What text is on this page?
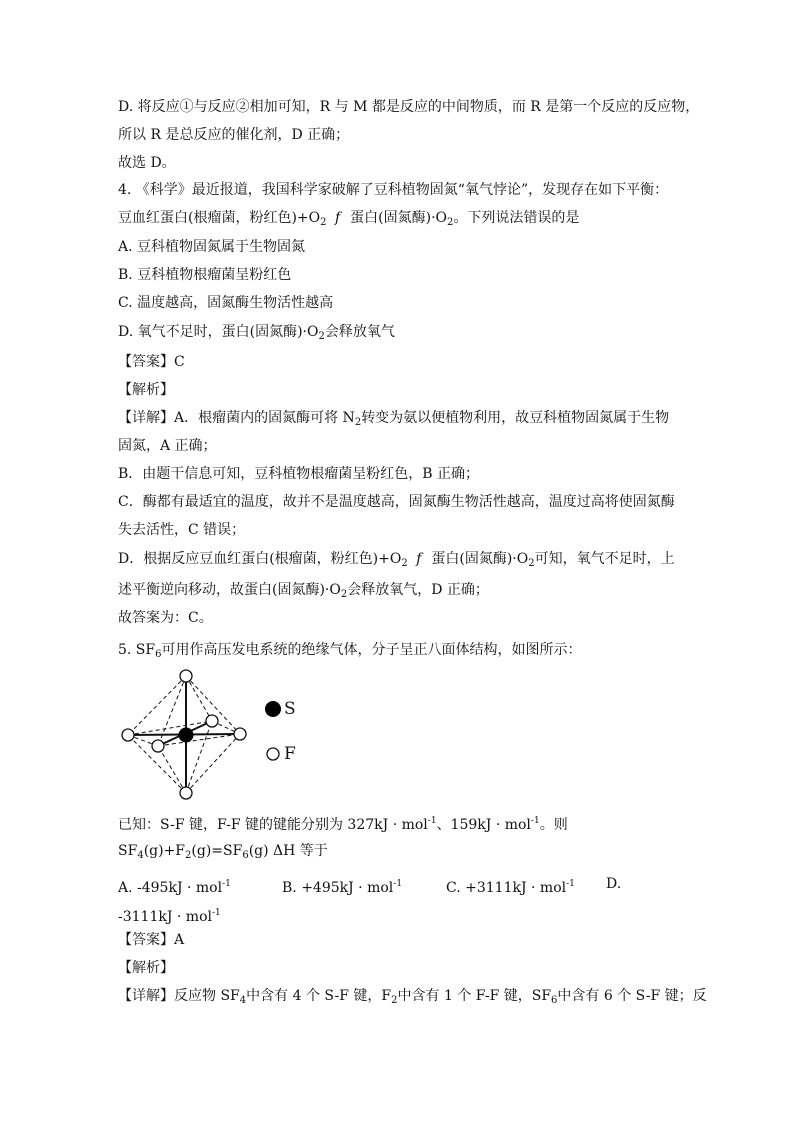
D. 将反应①与反应②相加可知，R 与 M 都是反应的中间物质，而 R 是第一个反应的反应物，
所以 R 是总反应的催化剂，D 正确；
故选 D。
4. 《科学》最近报道，我国科学家破解了豆科植物固氮“氧气悖论”，发现存在如下平衡：
豆血红蛋白(根瘤菌，粉红色)$+O_2$ f 蛋白(固氮酶)$\cdot O_2$。下列说法错误的是
A. 豆科植物固氮属于生物固氮
B. 豆科植物根瘤菌呈粉红色
C. 温度越高，固氮酶生物活性越高
D. 氧气不足时，蛋白(固氮酶)$\cdot O_2$会释放氧气
【答案】C
【解析】
【详解】A．根瘤菌内的固氮酶可将 $N_2$转变为氨以便植物利用，故豆科植物固氮属于生物
固氮，A 正确；
B．由题干信息可知，豆科植物根瘤菌呈粉红色，B 正确；
C．酶都有最适宜的温度，故并不是温度越高，固氮酶生物活性越高，温度过高将使固氮酶
失去活性，C 错误；
D．根据反应豆血红蛋白(根瘤菌，粉红色)$+O_2$ f 蛋白(固氮酶)$\cdot O_2$可知，氧气不足时，上
述平衡逆向移动，故蛋白(固氮酶)$\cdot O_2$会释放氧气，D 正确；
故答案为：C。
5. $SF_6$可用作高压发电系统的绝缘气体，分子呈正八面体结构，如图所示：
S
F
已知：S-F 键，F-F 键的键能分别为 327kJ · mol$^{-1}$、159kJ · mol$^{-1}$。则
$SF_4(g)+F_2(g)=SF_6(g)$ ΔH 等于
A. -495kJ · mol$^{-1}$	B. +495kJ · mol$^{-1}$	C. +3111kJ · mol$^{-1}$ D.
-3111kJ · mol$^{-1}$
【答案】A
【解析】
【详解】反应物 $SF_4$中含有 4 个 S-F 键，$F_2$中含有 1 个 F-F 键，$SF_6$中含有 6 个 S-F 键；反
